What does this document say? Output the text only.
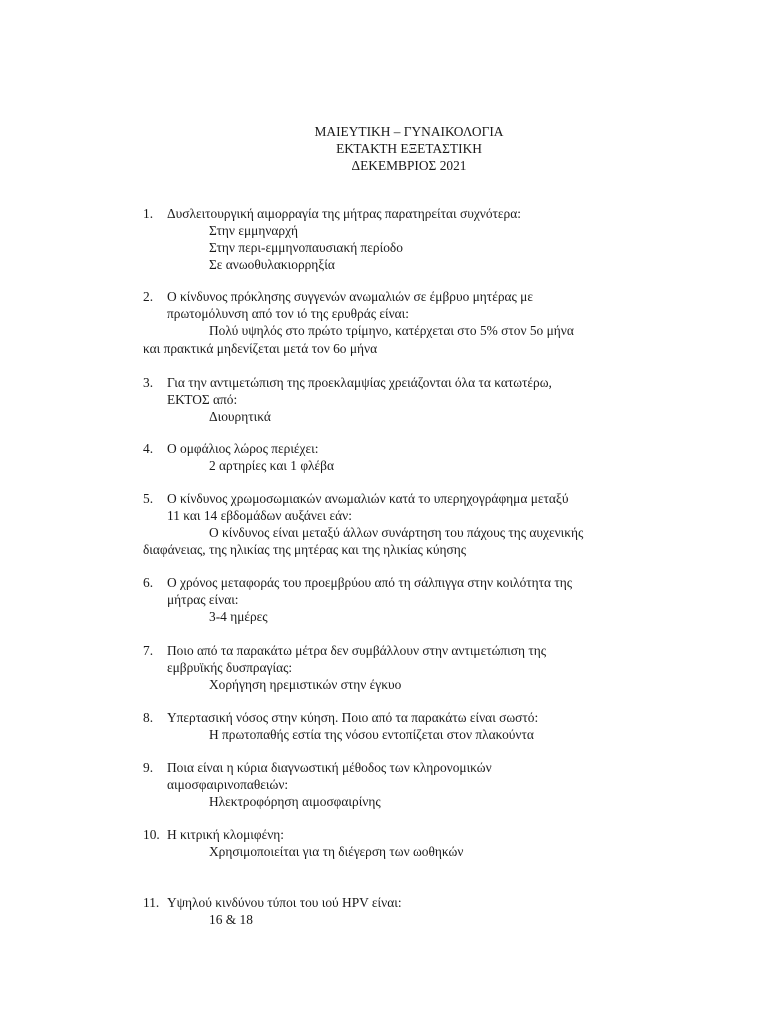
ΜΑΙΕΥΤΙΚΗ – ΓΥΝΑΙΚΟΛΟΓΙΑ
ΕΚΤΑΚΤΗ ΕΞΕΤΑΣΤΙΚΗ
ΔΕΚΕΜΒΡΙΟΣ 2021
1. Δυσλειτουργική αιμορραγία της μήτρας παρατηρείται συχνότερα:
Στην εμμηναρχή
Στην περι-εμμηνοπαυσιακή περίοδο
Σε ανωοθυλακιορρηξία
2. Ο κίνδυνος πρόκλησης συγγενών ανωμαλιών σε έμβρυο μητέρας με
πρωτομόλυνση από τον ιό της ερυθράς είναι:
Πολύ υψηλός στο πρώτο τρίμηνο, κατέρχεται στο 5% στον 5ο μήνα
και πρακτικά μηδενίζεται μετά τον 6ο μήνα
3. Για την αντιμετώπιση της προεκλαμψίας χρειάζονται όλα τα κατωτέρω,
ΕΚΤΟΣ από:
Διουρητικά
4. Ο ομφάλιος λώρος περιέχει:
2 αρτηρίες και 1 φλέβα
5. Ο κίνδυνος χρωμοσωμιακών ανωμαλιών κατά το υπερηχογράφημα μεταξύ
11 και 14 εβδομάδων αυξάνει εάν:
Ο κίνδυνος είναι μεταξύ άλλων συνάρτηση του πάχους της αυχενικής
διαφάνειας, της ηλικίας της μητέρας και της ηλικίας κύησης
6. Ο χρόνος μεταφοράς του προεμβρύου από τη σάλπιγγα στην κοιλότητα της
μήτρας είναι:
3-4 ημέρες
7. Ποιο από τα παρακάτω μέτρα δεν συμβάλλουν στην αντιμετώπιση της
εμβρυϊκής δυσπραγίας:
Χορήγηση ηρεμιστικών στην έγκυο
8. Υπερτασική νόσος στην κύηση. Ποιο από τα παρακάτω είναι σωστό:
Η πρωτοπαθής εστία της νόσου εντοπίζεται στον πλακούντα
9. Ποια είναι η κύρια διαγνωστική μέθοδος των κληρονομικών
αιμοσφαιρινοπαθειών:
Ηλεκτροφόρηση αιμοσφαιρίνης
10. Η κιτρική κλομιφένη:
Χρησιμοποιείται για τη διέγερση των ωοθηκών
11. Υψηλού κινδύνου τύποι του ιού HPV είναι:
16 & 18
